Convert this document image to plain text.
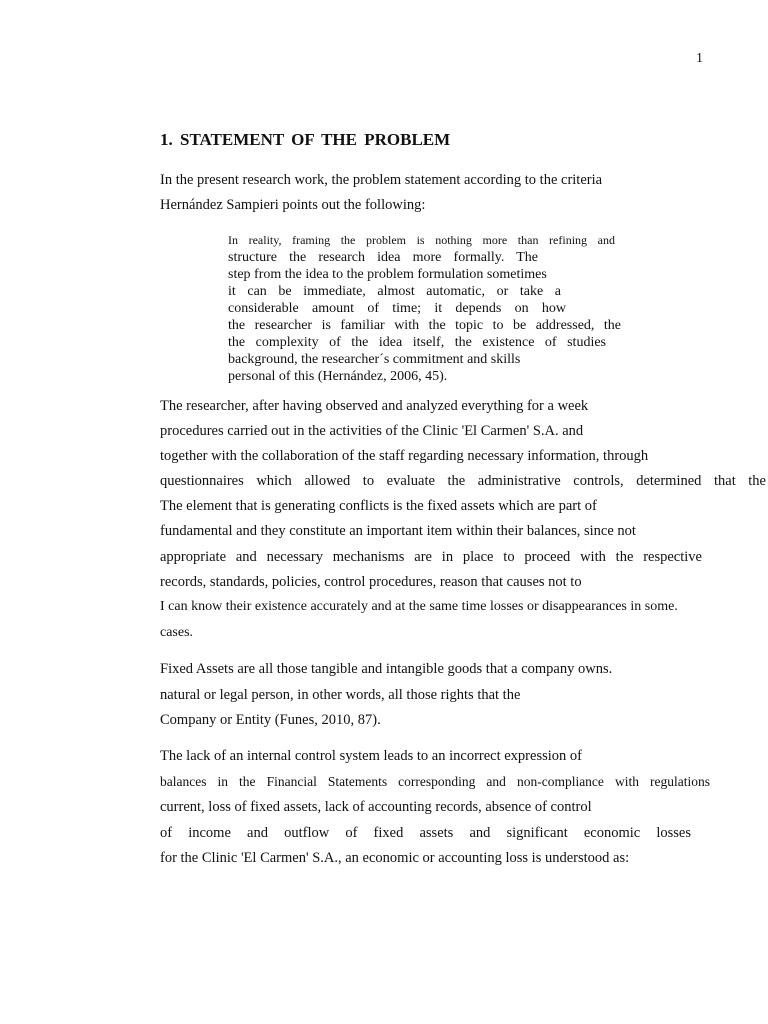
1
1. STATEMENT OF THE PROBLEM
In the present research work, the problem statement according to the criteria
Hernández Sampieri points out the following:
In reality, framing the problem is nothing more than refining and
structure the research idea more formally. The
step from the idea to the problem formulation sometimes
it can be immediate, almost automatic, or take a
considerable amount of time; it depends on how
the researcher is familiar with the topic to be addressed, the
the complexity of the idea itself, the existence of studies
background, the researcher´s commitment and skills
personal of this (Hernández, 2006, 45).
The researcher, after having observed and analyzed everything for a week
procedures carried out in the activities of the Clinic 'El Carmen' S.A. and
together with the collaboration of the staff regarding necessary information, through
questionnaires which allowed to evaluate the administrative controls, determined that the
The element that is generating conflicts is the fixed assets which are part of
fundamental and they constitute an important item within their balances, since not
appropriate and necessary mechanisms are in place to proceed with the respective
records, standards, policies, control procedures, reason that causes not to
I can know their existence accurately and at the same time losses or disappearances in some.
cases.
Fixed Assets are all those tangible and intangible goods that a company owns.
natural or legal person, in other words, all those rights that the
Company or Entity (Funes, 2010, 87).
The lack of an internal control system leads to an incorrect expression of
balances in the Financial Statements corresponding and non-compliance with regulations
current, loss of fixed assets, lack of accounting records, absence of control
of income and outflow of fixed assets and significant economic losses
for the Clinic 'El Carmen' S.A., an economic or accounting loss is understood as:
